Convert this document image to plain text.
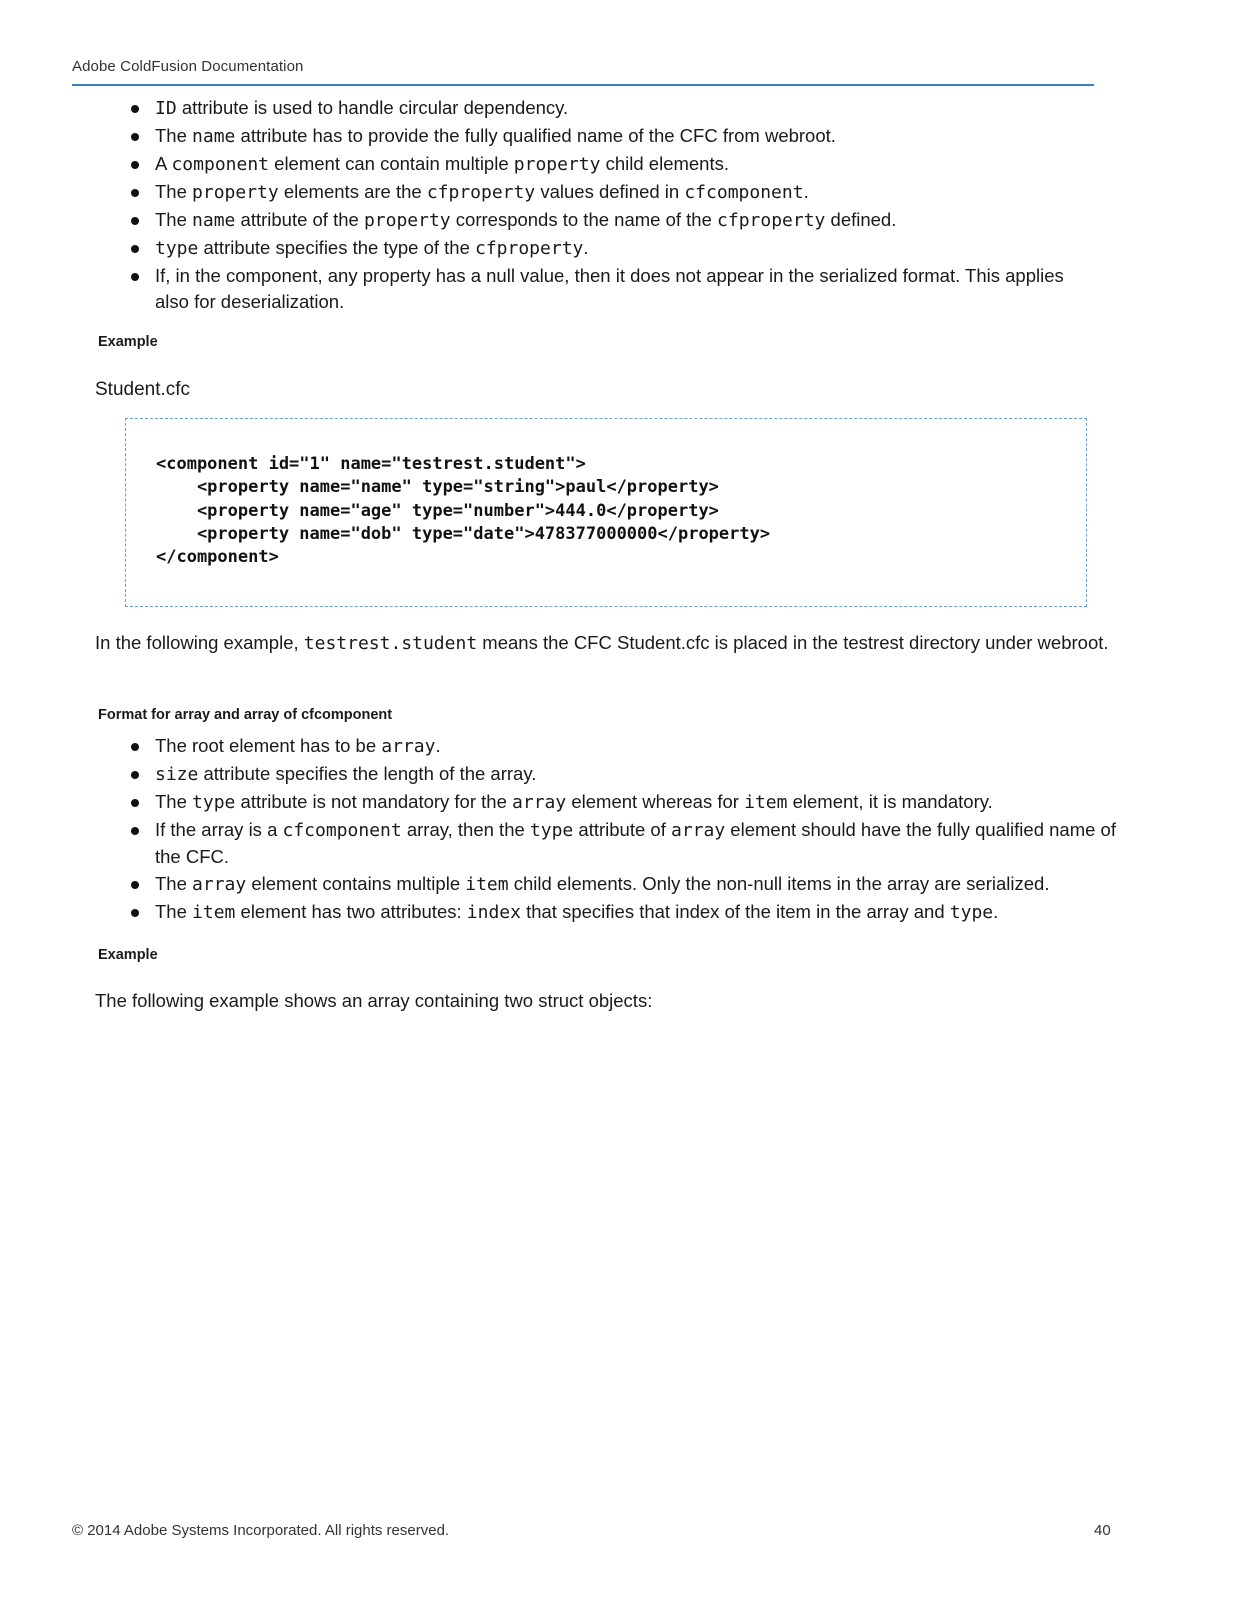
Adobe ColdFusion Documentation
ID attribute is used to handle circular dependency.
The name attribute has to provide the fully qualified name of the CFC from webroot.
A component element can contain multiple property child elements.
The property elements are the cfproperty values defined in cfcomponent.
The name attribute of the property corresponds to the name of the cfproperty defined.
type attribute specifies the type of the cfproperty.
If, in the component, any property has a null value, then it does not appear in the serialized format. This applies also for deserialization.
Example
Student.cfc
<component id="1" name="testrest.student">
<property name="name" type="string">paul</property>
<property name="age" type="number">444.0</property>
<property name="dob" type="date">478377000000</property>
</component>

In the following example, testrest.student means the CFC Student.cfc is placed in the testrest directory under webroot.

Format for array and array of cfcomponent
The root element has to be array.
size attribute specifies the length of the array.
The type attribute is not mandatory for the array element whereas for item element, it is mandatory.
If the array is a cfcomponent array, then the type attribute of array element should have the fully qualified name of the CFC.
The array element contains multiple item child elements. Only the non-null items in the array are serialized.
The item element has two attributes: index that specifies that index of the item in the array and type.
Example

The following example shows an array containing two struct objects:

© 2014 Adobe Systems Incorporated. All rights reserved.	40
